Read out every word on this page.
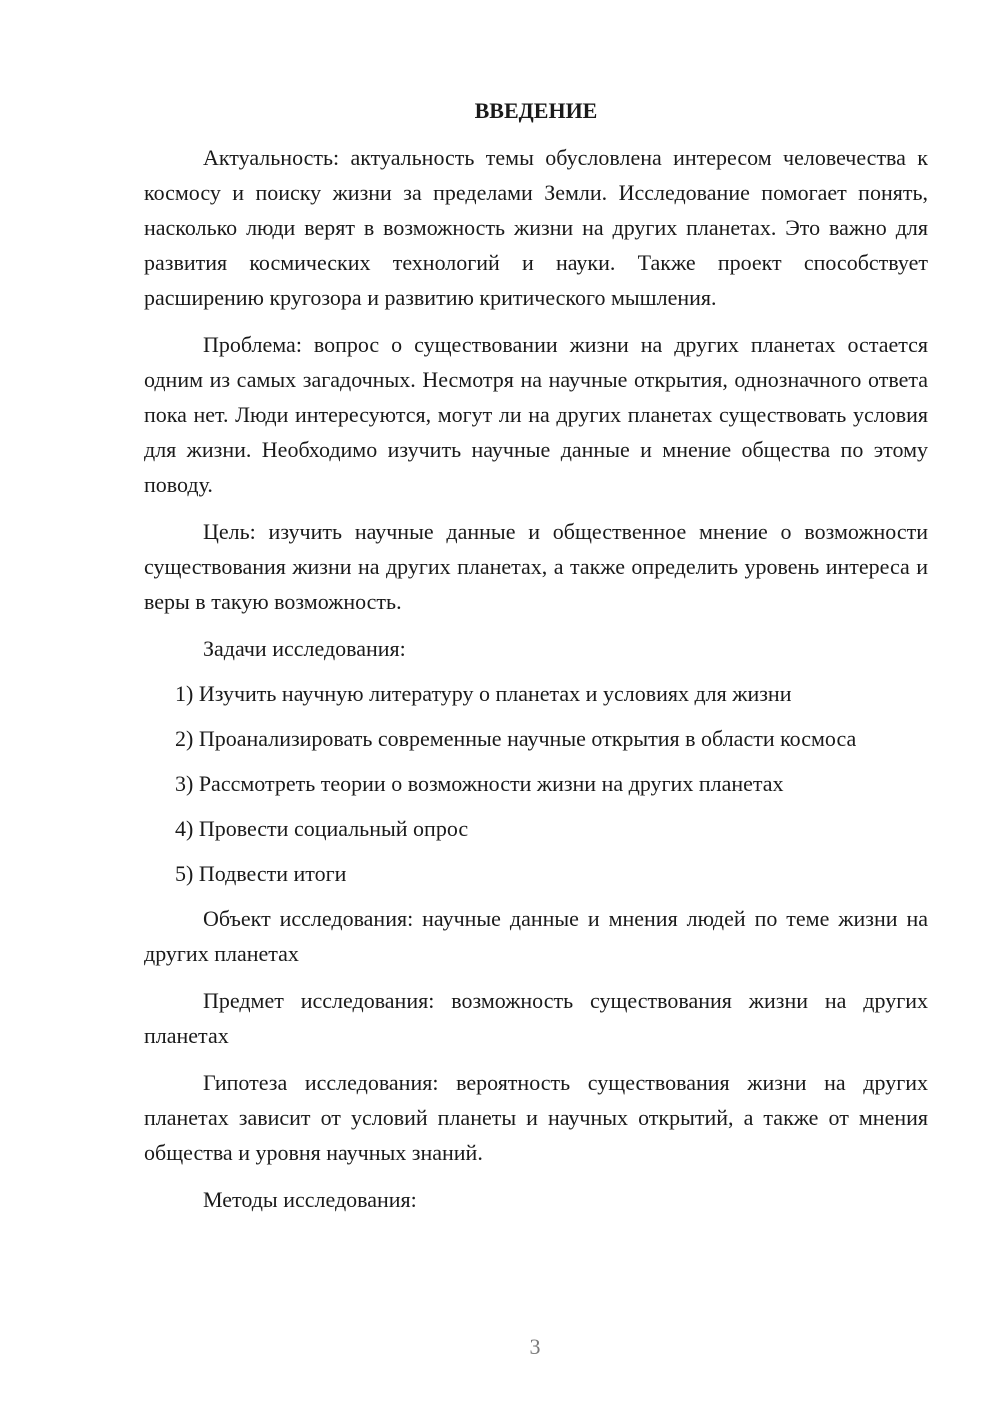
ВВЕДЕНИЕ

Актуальность: актуальность темы обусловлена интересом человечества к космосу и поиску жизни за пределами Земли. Исследование помогает понять, насколько люди верят в возможность жизни на других планетах. Это важно для развития космических технологий и науки. Также проект способствует расширению кругозора и развитию критического мышления.

Проблема: вопрос о существовании жизни на других планетах остается одним из самых загадочных. Несмотря на научные открытия, однозначного ответа пока нет. Люди интересуются, могут ли на других планетах существовать условия для жизни. Необходимо изучить научные данные и мнение общества по этому поводу.

Цель: изучить научные данные и общественное мнение о возможности существования жизни на других планетах, а также определить уровень интереса и веры в такую возможность.

Задачи исследования:

1) Изучить научную литературу о планетах и условиях для жизни

2) Проанализировать современные научные открытия в области космоса

3) Рассмотреть теории о возможности жизни на других планетах

4) Провести социальный опрос

5) Подвести итоги

Объект исследования: научные данные и мнения людей по теме жизни на других планетах

Предмет исследования: возможность существования жизни на других планетах

Гипотеза исследования: вероятность существования жизни на других планетах зависит от условий планеты и научных открытий, а также от мнения общества и уровня научных знаний.

Методы исследования:

3
